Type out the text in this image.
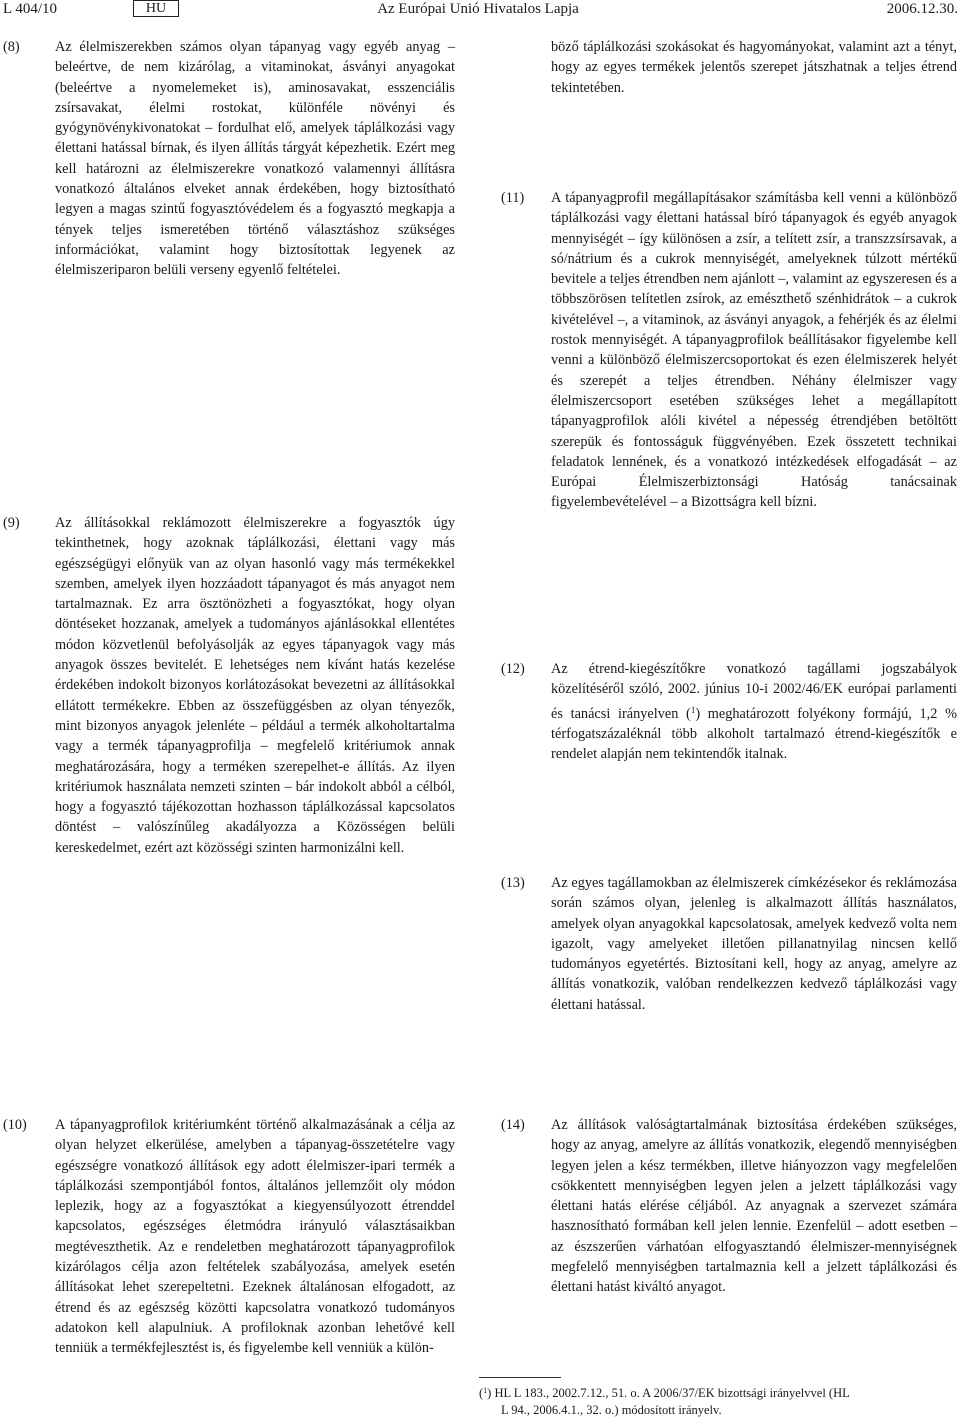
L 404/10	HU	Az Európai Unió Hivatalos Lapja	2006.12.30.
(8) Az élelmiszerekben számos olyan tápanyag vagy egyéb anyag – beleértve, de nem kizárólag, a vitaminokat, ásványi anyagokat (beleértve a nyomelemeket is), aminosavakat, esszenciális zsírsavakat, élelmi rostokat, különféle növényi és gyógynövénykivonatokat – fordulhat elő, amelyek táplálkozási vagy élettani hatással bírnak, és ilyen állítás tárgyát képezhetik. Ezért meg kell határozni az élelmiszerekre vonatkozó valamennyi állításra vonatkozó általános elveket annak érdekében, hogy biztosítható legyen a magas szintű fogyasztóvédelem és a fogyasztó megkapja a tények teljes ismeretében történő választáshoz szükséges információkat, valamint hogy biztosítottak legyenek az élelmiszeriparon belüli verseny egyenlő feltételei.
(9) Az állításokkal reklámozott élelmiszerekre a fogyasztók úgy tekinthetnek, hogy azoknak táplálkozási, élettani vagy más egészségügyi előnyük van az olyan hasonló vagy más termékekkel szemben, amelyek ilyen hozzáadott tápanyagot és más anyagot nem tartalmaznak. Ez arra ösztönözheti a fogyasztókat, hogy olyan döntéseket hozzanak, amelyek a tudományos ajánlásokkal ellentétes módon közvetlenül befolyásolják az egyes tápanyagok vagy más anyagok összes bevitelét. E lehetséges nem kívánt hatás kezelése érdekében indokolt bizonyos korlátozásokat bevezetni az állításokkal ellátott termékekre. Ebben az összefüggésben az olyan tényezők, mint bizonyos anyagok jelenléte – például a termék alkoholtartalma vagy a termék tápanyagprofilja – megfelelő kritériumok annak meghatározására, hogy a terméken szerepelhet-e állítás. Az ilyen kritériumok használata nemzeti szinten – bár indokolt abból a célból, hogy a fogyasztó tájékozottan hozhasson táplálkozással kapcsolatos döntést – valószínűleg akadályozza a Közösségen belüli kereskedelmet, ezért azt közösségi szinten harmonizálni kell.
(10) A tápanyagprofilok kritériumként történő alkalmazásának a célja az olyan helyzet elkerülése, amelyben a tápanyag-összetételre vagy egészségre vonatkozó állítások egy adott élelmiszer-ipari termék a táplálkozási szempontjából fontos, általános jellemzőit oly módon leplezik, hogy az a fogyasztókat a kiegyensúlyozott étrenddel kapcsolatos, egészséges életmódra irányuló választásaikban megtéveszthetik. Az e rendeletben meghatározott tápanyagprofilok kizárólagos célja azon feltételek szabályozása, amelyek esetén állításokat lehet szerepeltetni. Ezeknek általánosan elfogadott, az étrend és az egészség közötti kapcsolatra vonatkozó tudományos adatokon kell alapulniuk. A profiloknak azonban lehetővé kell tenniük a termékfejlesztést is, és figyelembe kell venniük a külön-
böző táplálkozási szokásokat és hagyományokat, valamint azt a tényt, hogy az egyes termékek jelentős szerepet játszhatnak a teljes étrend tekintetében.
(11) A tápanyagprofil megállapításakor számításba kell venni a különböző táplálkozási vagy élettani hatással bíró tápanyagok és egyéb anyagok mennyiségét – így különösen a zsír, a telített zsír, a transzzsírsavak, a só/nátrium és a cukrok mennyiségét, amelyeknek túlzott mértékű bevitele a teljes étrendben nem ajánlott –, valamint az egyszeresen és a többszörösen telítetlen zsírok, az emészthető szénhidrátok – a cukrok kivételével –, a vitaminok, az ásványi anyagok, a fehérjék és az élelmi rostok mennyiségét. A tápanyagprofilok beállításakor figyelembe kell venni a különböző élelmiszercsoportokat és ezen élelmiszerek helyét és szerepét a teljes étrendben. Néhány élelmiszer vagy élelmiszercsoport esetében szükséges lehet a megállapított tápanyagprofilok alóli kivétel a népesség étrendjében betöltött szerepük és fontosságuk függvényében. Ezek összetett technikai feladatok lennének, és a vonatkozó intézkedések elfogadását – az Európai Élelmiszerbiztonsági Hatóság tanácsainak figyelembevételével – a Bizottságra kell bízni.
(12) Az étrend-kiegészítőkre vonatkozó tagállami jogszabályok közelítéséről szóló, 2002. június 10-i 2002/46/EK európai parlamenti és tanácsi irányelven ($^1$) meghatározott folyékony formájú, 1,2 % térfogatszázaléknál több alkoholt tartalmazó étrend-kiegészítők e rendelet alapján nem tekintendők italnak.
(13) Az egyes tagállamokban az élelmiszerek címkézésekor és reklámozása során számos olyan, jelenleg is alkalmazott állítás használatos, amelyek olyan anyagokkal kapcsolatosak, amelyek kedvező volta nem igazolt, vagy amelyeket illetően pillanatnyilag nincsen kellő tudományos egyetértés. Biztosítani kell, hogy az anyag, amelyre az állítás vonatkozik, valóban rendelkezzen kedvező táplálkozási vagy élettani hatással.
(14) Az állítások valóságtartalmának biztosítása érdekében szükséges, hogy az anyag, amelyre az állítás vonatkozik, elegendő mennyiségben legyen jelen a kész termékben, illetve hiányozzon vagy megfelelően csökkentett mennyiségben legyen jelen a jelzett táplálkozási vagy élettani hatás elérése céljából. Az anyagnak a szervezet számára hasznosítható formában kell jelen lennie. Ezenfelül – adott esetben – az észszerűen várhatóan elfogyasztandó élelmiszer-mennyiségnek megfelelő mennyiségben tartalmaznia kell a jelzett táplálkozási és élettani hatást kiváltó anyagot.
($^1$) HL L 183., 2002.7.12., 51. o. A 2006/37/EK bizottsági irányelvvel (HL
L 94., 2006.4.1., 32. o.) módosított irányelv.
